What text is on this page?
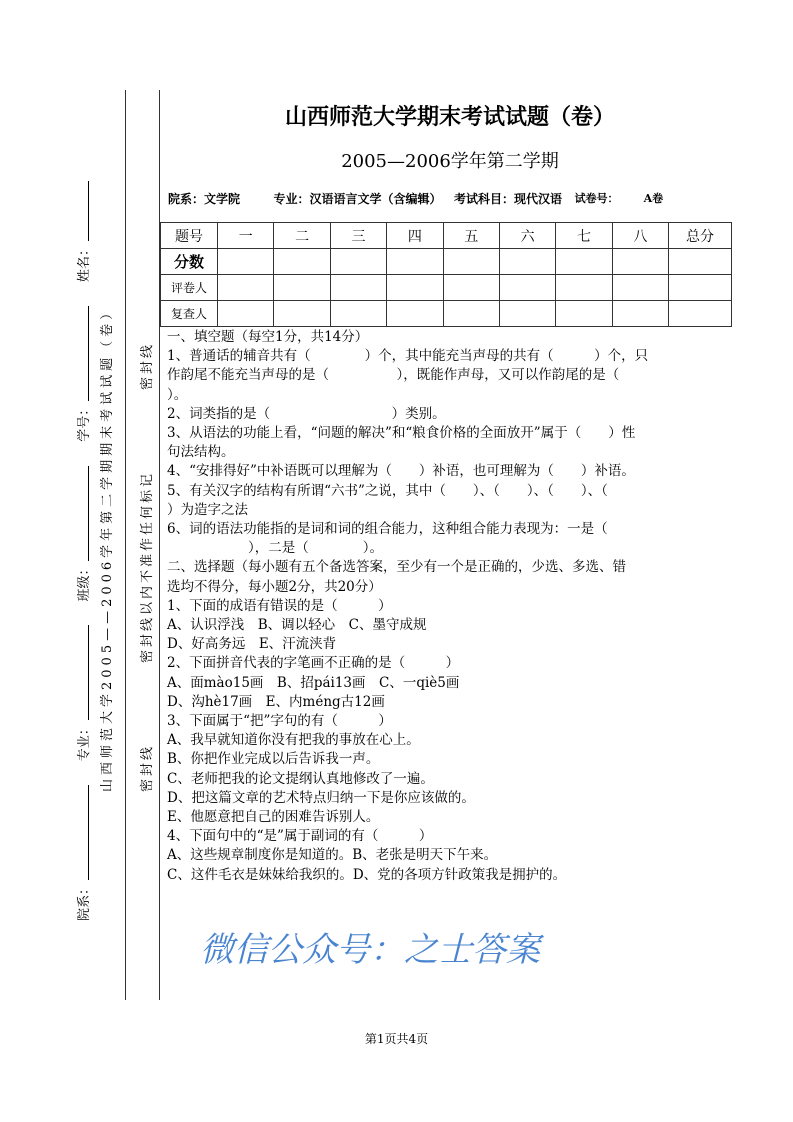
院系：
专业：
班级：
学号：
姓名：
山西师范大学2005——2006学年第二学期期末考试试题（卷）	密封线
密封线以内不准作任何标记
密封线
山西师范大学期末考试试题（卷）
2005—2006学年第二学期
院系：文学院
	专业：汉语语言文学（含编辑）
考试科目：现代汉语
试卷号：
A卷
题号	一	二	三	四	五	六	七	八	总分
分数									
评卷人									
复查人									
一、填空题（每空1分，共14分）
1、普通话的辅音共有（　　　　）个，其中能充当声母的共有（　　　）个，只
作韵尾不能充当声母的是（　　　　　），既能作声母，又可以作韵尾的是（
）。
2、词类指的是（　　　　　　　　　）类别。
3、从语法的功能上看，“问题的解决”和“粮食价格的全面放开”属于（　　）性
句法结构。
4、“安排得好”中补语既可以理解为（　　）补语，也可理解为（　　）补语。
5、有关汉字的结构有所谓“六书”之说，其中（　　）、（　　）、（　　）、（
）为造字之法
6、词的语法功能指的是词和词的组合能力，这种组合能力表现为：一是（
　　　　　　），二是（　　　　）。
二、选择题（每小题有五个备选答案，至少有一个是正确的，少选、多选、错
选均不得分，每小题2分，共20分）
1、下面的成语有错误的是（　　　）
A、认识浮浅　B、调以轻心　C、墨守成规
D、好高务远　E、汗流浃背
2、下面拼音代表的字笔画不正确的是（　　　）
A、面mào15画　B、招pái13画　C、一qiè5画
D、沟hè17画　E、内méng古12画
3、下面属于“把”字句的有（　　　）
A、我早就知道你没有把我的事放在心上。
B、你把作业完成以后告诉我一声。
C、老师把我的论文提纲认真地修改了一遍。
D、把这篇文章的艺术特点归纳一下是你应该做的。
E、他愿意把自己的困难告诉别人。
4、下面句中的“是”属于副词的有（　　　）
A、这些规章制度你是知道的。B、老张是明天下午来。
C、这件毛衣是妹妹给我织的。D、党的各项方针政策我是拥护的。
微信公众号：之士答案
第1页共4页
